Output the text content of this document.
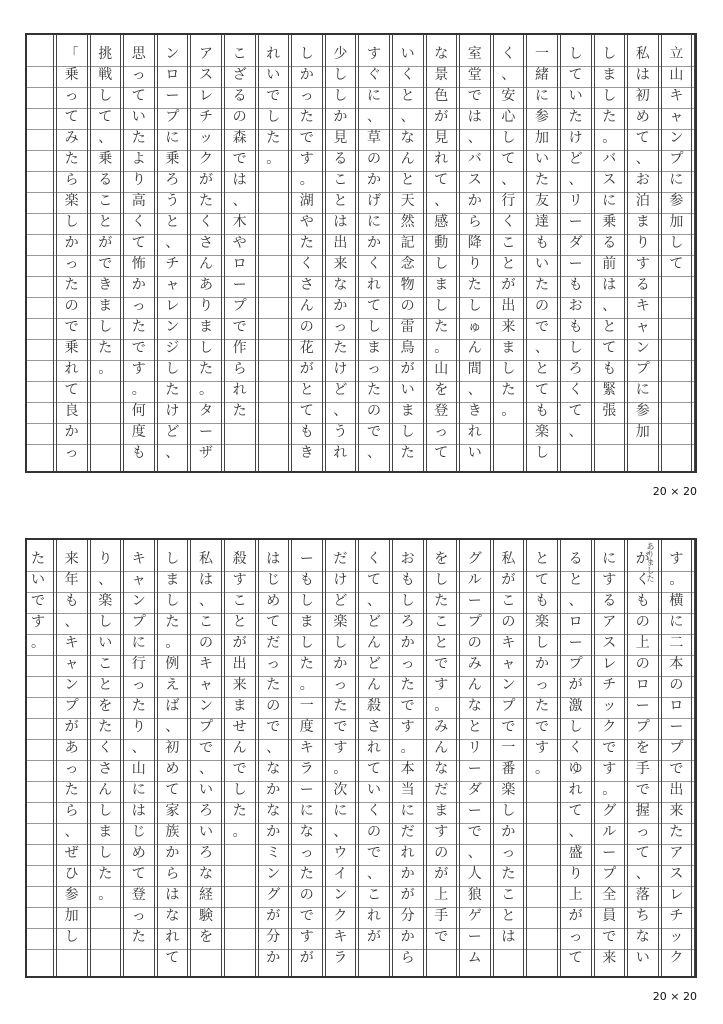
立
山
キ
ャ
ン
プ
に
参
加
し
て
私
は
初
め
て
、
お
泊
ま
り
す
る
キ
ャ
ン
プ
に
参
加
し
ま
し
た
。
バ
ス
に
乗
る
前
は
、
と
て
も
緊
張
し
て
い
た
け
ど
、
リ
ー
ダ
ー
も
お
も
し
ろ
く
て
、
一
緒
に
参
加
い
た
友
達
も
い
た
の
で
、
と
て
も
楽
し
く
、
安
心
し
て
、
行
く
こ
と
が
出
来
ま
し
た
。
室
堂
で
は
、
バ
ス
か
ら
降
り
た
し
ゅ
ん
間
、
き
れ
い
な
景
色
が
見
れ
て
、
感
動
し
ま
し
た
。
山
を
登
っ
て
い
く
と
、
な
ん
と
天
然
記
念
物
の
雷
鳥
が
い
ま
し
た
す
ぐ
に
、
草
の
か
げ
に
か
く
れ
て
し
ま
っ
た
の
で
、
少
し
し
か
見
る
こ
と
は
出
来
な
か
っ
た
け
ど
、
う
れ
し
か
っ
た
で
す
。
湖
や
た
く
さ
ん
の
花
が
と
て
も
き
れ
い
で
し
た
。
こ
ざ
る
の
森
で
は
、
木
や
ロ
ー
プ
で
作
ら
れ
た
ア
ス
レ
チ
ッ
ク
が
た
く
さ
ん
あ
り
ま
し
た
。
タ
ー
ザ
ン
ロ
ー
プ
に
乗
ろ
う
と
、
チ
ャ
レ
ン
ジ
し
た
け
ど
、
思
っ
て
い
た
よ
り
高
く
て
怖
か
っ
た
で
す
。
何
度
も
挑
戦
し
て
、
乗
る
こ
と
が
で
き
ま
し
た
。
「
乗
っ
て
み
た
ら
楽
し
か
っ
た
の
で
乗
れ
て
良
か
っ
20 × 20
す
。
横
に
二
本
の
ロ
ー
プ
で
出
来
た
ア
ス
レ
チ
ッ
ク
が
く
も
の
上
の
ロ
ー
プ
を
手
で
握
っ
て
、
落
ち
な
い
に
す
る
ア
ス
レ
チ
ッ
ク
で
す
。
グ
ル
ー
プ
全
員
で
来
る
と
、
ロ
ー
プ
が
激
し
く
ゆ
れ
て
、
盛
り
上
が
っ
て
と
て
も
楽
し
か
っ
た
で
す
。
私
が
こ
の
キ
ャ
ン
プ
で
一
番
楽
し
か
っ
た
こ
と
は
グ
ル
ー
プ
の
み
ん
な
と
リ
ー
ダ
ー
で
、
人
狼
ゲ
ー
ム
を
し
た
こ
と
で
す
。
み
ん
な
だ
ま
す
の
が
上
手
で
お
も
し
ろ
か
っ
た
で
す
。
本
当
に
だ
れ
か
が
分
か
ら
く
て
、
ど
ん
ど
ん
殺
さ
れ
て
い
く
の
で
、
こ
れ
が
だ
け
ど
楽
し
か
っ
た
で
す
。
次
に
、
ウ
イ
ン
ク
キ
ラ
ー
も
し
ま
し
た
。
一
度
キ
ラ
ー
に
な
っ
た
の
で
す
が
は
じ
め
て
だ
っ
た
の
で
、
な
か
な
か
ミ
ン
グ
が
分
か
殺
す
こ
と
が
出
来
ま
せ
ん
で
し
た
。
私
は
、
こ
の
キ
ャ
ン
プ
で
、
い
ろ
い
ろ
な
経
験
を
し
ま
し
た
。
例
え
ば
、
初
め
て
家
族
か
ら
は
な
れ
て
キ
ャ
ン
プ
に
行
っ
た
り
、
山
に
は
じ
め
て
登
っ
た
り
、
楽
し
い
こ
と
を
た
く
さ
ん
し
ま
し
た
。
来
年
も
、
キ
ャ
ン
プ
が
あ
っ
た
ら
、
ぜ
ひ
参
加
し
た
い
で
す
。
ありました
20 × 20
